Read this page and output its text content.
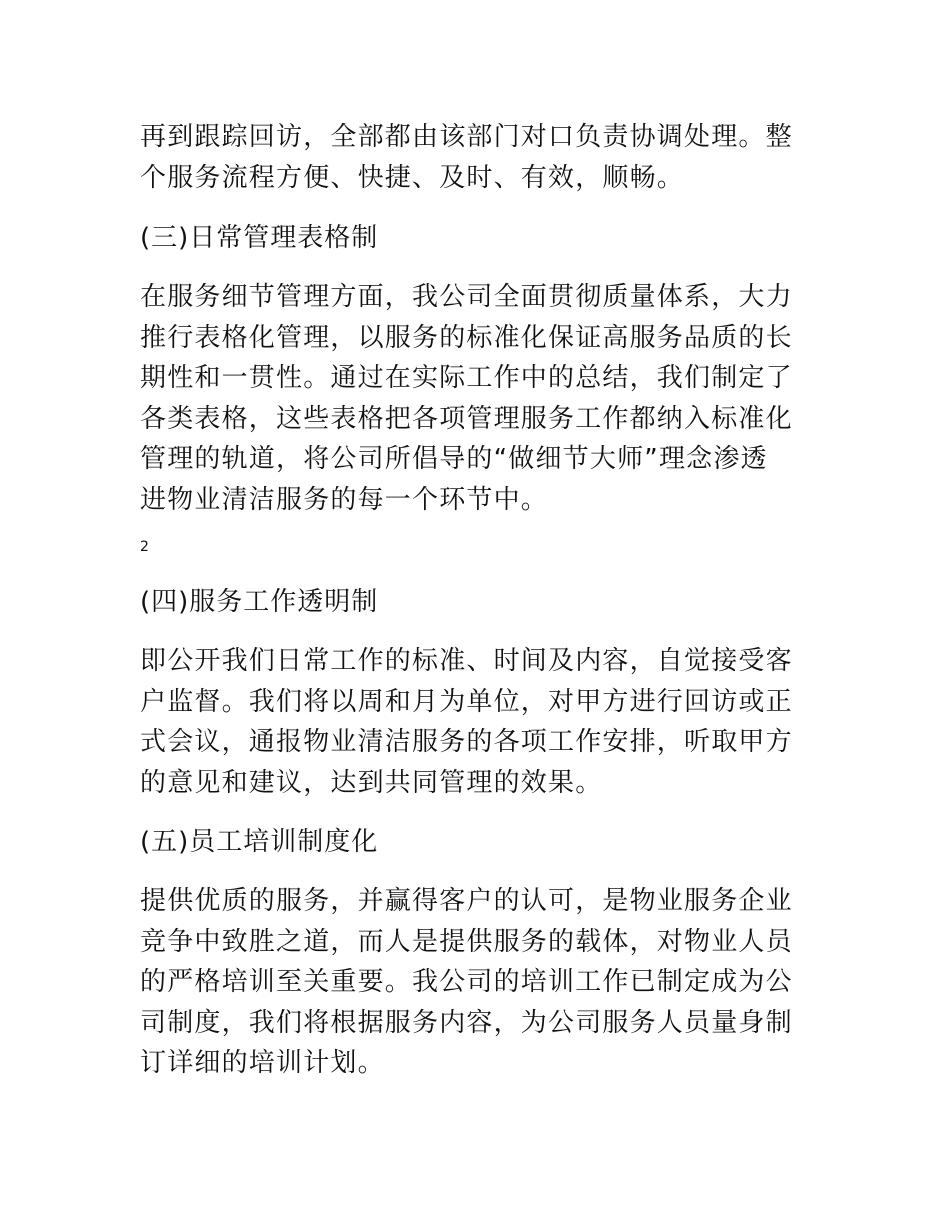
再到跟踪回访，全部都由该部门对口负责协调处理。整
个服务流程方便、快捷、及时、有效，顺畅。
(三)日常管理表格制
在服务细节管理方面，我公司全面贯彻质量体系，大力
推行表格化管理，以服务的标准化保证高服务品质的长
期性和一贯性。通过在实际工作中的总结，我们制定了
各类表格，这些表格把各项管理服务工作都纳入标准化
管理的轨道，将公司所倡导的“做细节大师”理念渗透
进物业清洁服务的每一个环节中。
2
(四)服务工作透明制
即公开我们日常工作的标准、时间及内容，自觉接受客
户监督。我们将以周和月为单位，对甲方进行回访或正
式会议，通报物业清洁服务的各项工作安排，听取甲方
的意见和建议，达到共同管理的效果。
(五)员工培训制度化
提供优质的服务，并赢得客户的认可，是物业服务企业
竞争中致胜之道，而人是提供服务的载体，对物业人员
的严格培训至关重要。我公司的培训工作已制定成为公
司制度，我们将根据服务内容，为公司服务人员量身制
订详细的培训计划。
